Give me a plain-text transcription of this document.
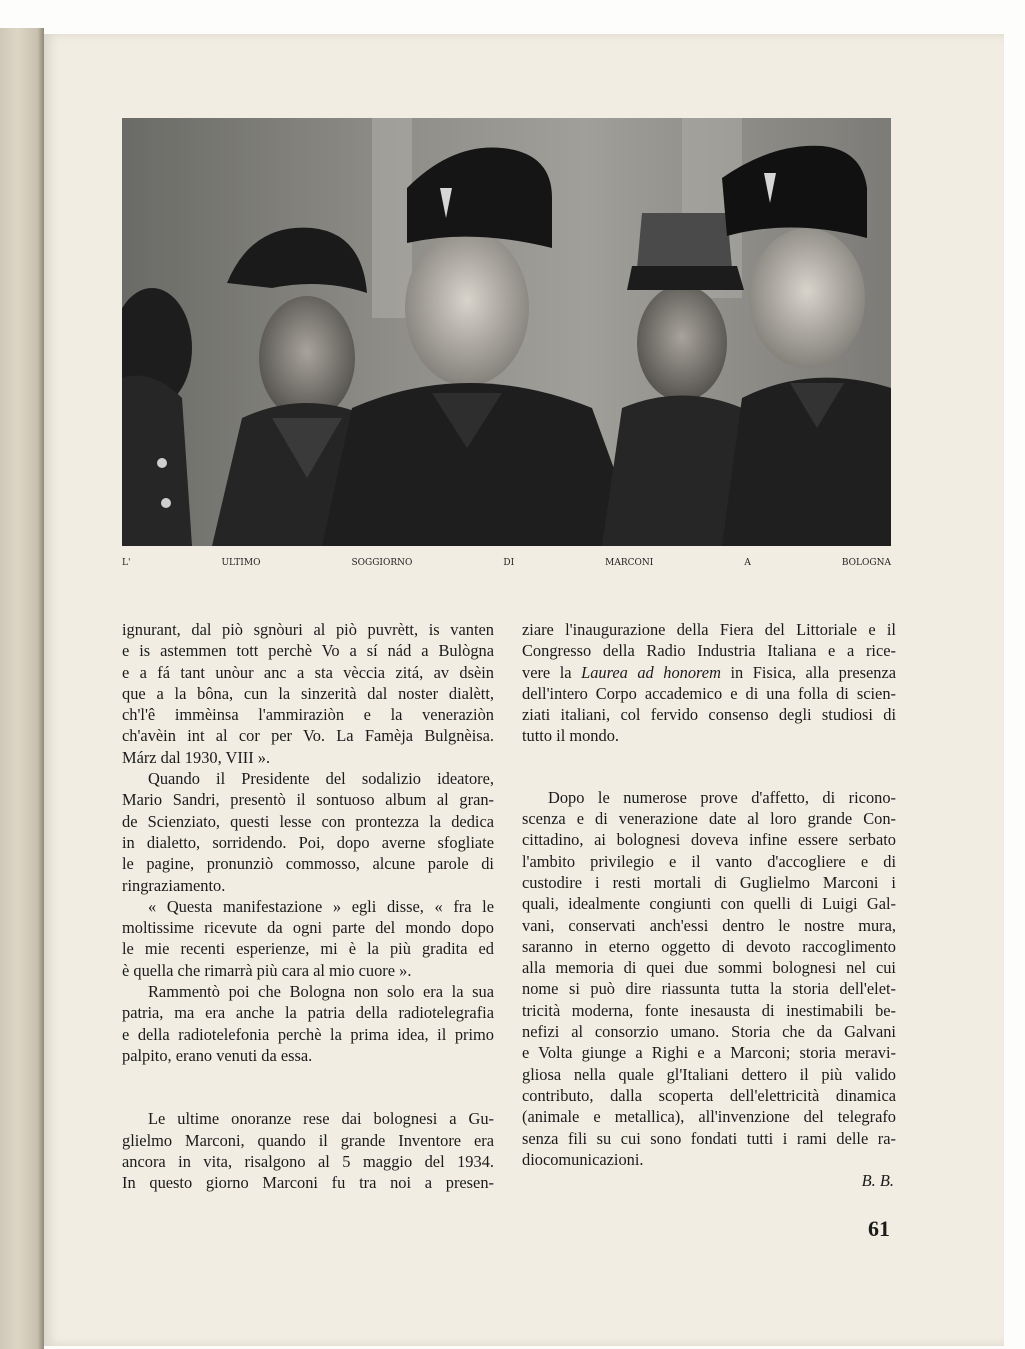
L'	ULTIMO	SOGGIORNO	DI	MARCONI	A	BOLOGNA

ignurant, dal piò sgnòuri al piò puvrètt, is vanten
e is astemmen tott perchè Vo a sí nád a Bulògna
e a fá tant unòur anc a sta vèccia zitá, av dsèin
que a la bôna, cun la sinzerità dal noster dialètt,
ch'l'ê immèinsa l'ammiraziòn e la veneraziòn
ch'avèin int al cor per Vo. La Famèja Bulgnèisa.
Márz dal 1930, VIII ».

Quando il Presidente del sodalizio ideatore,
Mario Sandri, presentò il sontuoso album al gran-
de Scienziato, questi lesse con prontezza la dedica
in dialetto, sorridendo. Poi, dopo averne sfogliate
le pagine, pronunziò commosso, alcune parole di
ringraziamento.

« Questa manifestazione » egli disse, « fra le
moltissime ricevute da ogni parte del mondo dopo
le mie recenti esperienze, mi è la più gradita ed
è quella che rimarrà più cara al mio cuore ».

Rammentò poi che Bologna non solo era la sua
patria, ma era anche la patria della radiotelegrafia
e della radiotelefonia perchè la prima idea, il primo
palpito, erano venuti da essa.

Le ultime onoranze rese dai bolognesi a Gu-
glielmo Marconi, quando il grande Inventore era
ancora in vita, risalgono al 5 maggio del 1934.
In questo giorno Marconi fu tra noi a presen-

ziare l'inaugurazione della Fiera del Littoriale e il
Congresso della Radio Industria Italiana e a rice-
vere la Laurea ad honorem in Fisica, alla presenza
dell'intero Corpo accademico e di una folla di scien-
ziati italiani, col fervido consenso degli studiosi di
tutto il mondo.

Dopo le numerose prove d'affetto, di ricono-
scenza e di venerazione date al loro grande Con-
cittadino, ai bolognesi doveva infine essere serbato
l'ambito privilegio e il vanto d'accogliere e di
custodire i resti mortali di Guglielmo Marconi i
quali, idealmente congiunti con quelli di Luigi Gal-
vani, conservati anch'essi dentro le nostre mura,
saranno in eterno oggetto di devoto raccoglimento
alla memoria di quei due sommi bolognesi nel cui
nome si può dire riassunta tutta la storia dell'elet-
tricità moderna, fonte inesausta di inestimabili be-
nefizi al consorzio umano. Storia che da Galvani
e Volta giunge a Righi e a Marconi; storia meravi-
gliosa nella quale gl'Italiani dettero il più valido
contributo, dalla scoperta dell'elettricità dinamica
(animale e metallica), all'invenzione del telegrafo
senza fili su cui sono fondati tutti i rami delle ra-
diocomunicazioni.

B. B.

61
